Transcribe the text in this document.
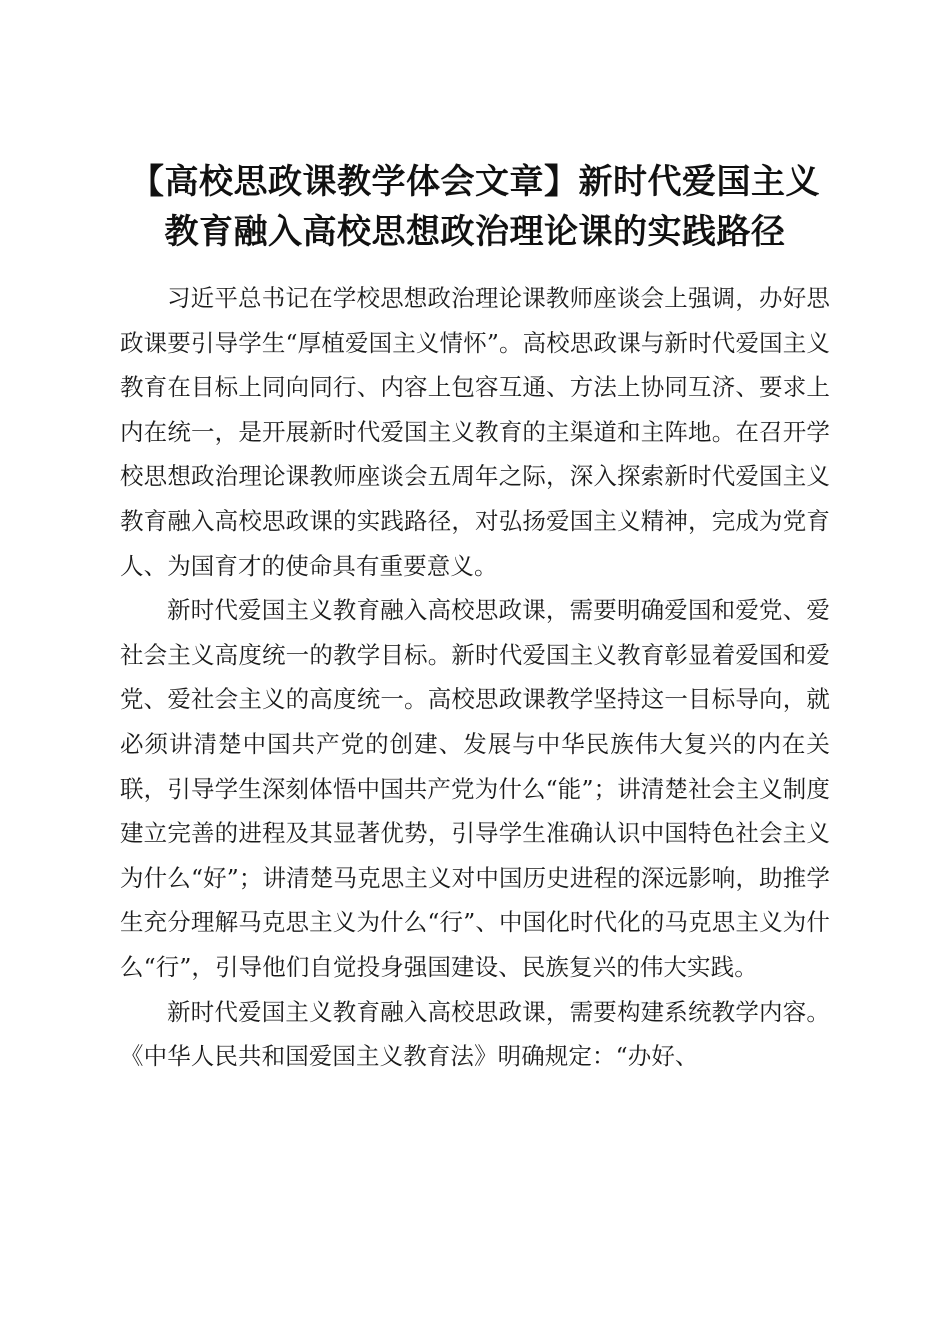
【高校思政课教学体会文章】新时代爱国主义
教育融入高校思想政治理论课的实践路径

习近平总书记在学校思想政治理论课教师座谈会上强调，办好思政课要引导学生“厚植爱国主义情怀”。高校思政课与新时代爱国主义教育在目标上同向同行、内容上包容互通、方法上协同互济、要求上内在统一，是开展新时代爱国主义教育的主渠道和主阵地。在召开学校思想政治理论课教师座谈会五周年之际，深入探索新时代爱国主义教育融入高校思政课的实践路径，对弘扬爱国主义精神，完成为党育人、为国育才的使命具有重要意义。

新时代爱国主义教育融入高校思政课，需要明确爱国和爱党、爱社会主义高度统一的教学目标。新时代爱国主义教育彰显着爱国和爱党、爱社会主义的高度统一。高校思政课教学坚持这一目标导向，就必须讲清楚中国共产党的创建、发展与中华民族伟大复兴的内在关联，引导学生深刻体悟中国共产党为什么“能”；讲清楚社会主义制度建立完善的进程及其显著优势，引导学生准确认识中国特色社会主义为什么“好”；讲清楚马克思主义对中国历史进程的深远影响，助推学生充分理解马克思主义为什么“行”、中国化时代化的马克思主义为什么“行”，引导他们自觉投身强国建设、民族复兴的伟大实践。

新时代爱国主义教育融入高校思政课，需要构建系统教学内容。《中华人民共和国爱国主义教育法》明确规定：“办好、
